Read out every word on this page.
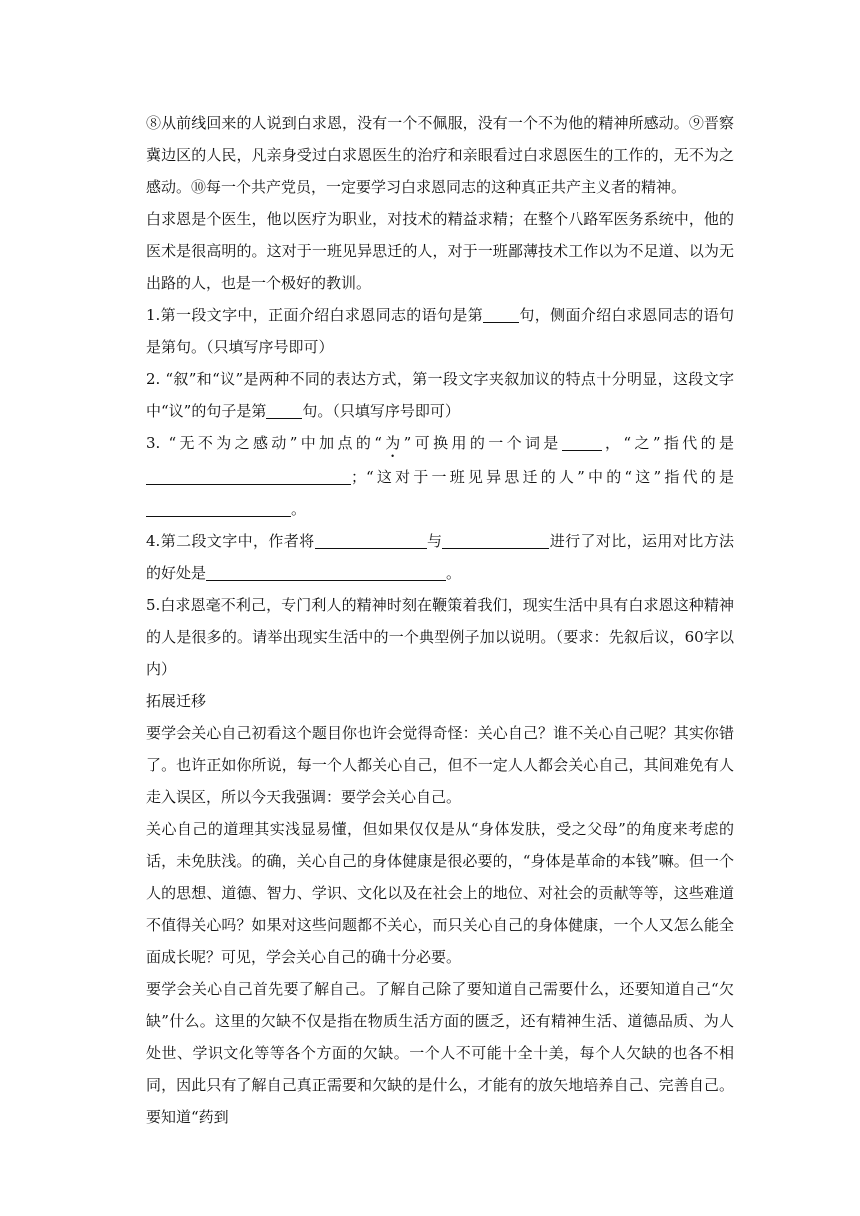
⑧从前线回来的人说到白求恩，没有一个不佩服，没有一个不为他的精神所感动。⑨晋察冀边区的人民，凡亲身受过白求恩医生的治疗和亲眼看过白求恩医生的工作的，无不为之感动。⑩每一个共产党员，一定要学习白求恩同志的这种真正共产主义者的精神。

白求恩是个医生，他以医疗为职业，对技术的精益求精；在整个八路军医务系统中，他的医术是很高明的。这对于一班见异思迁的人，对于一班鄙薄技术工作以为不足道、以为无出路的人，也是一个极好的教训。

1.第一段文字中，正面介绍白求恩同志的语句是第 句，侧面介绍白求恩同志的语句是第句。（只填写序号即可）

2. “叙”和“议”是两种不同的表达方式，第一段文字夹叙加议的特点十分明显，这段文字中“议”的句子是第 句。（只填写序号即可）

3. “无不为之感动”中加点的“为”可换用的一个词是	，“之”指代的是；“这对于一班见异思迁的人”中的“这”指代的是。

4.第二段文字中，作者将	与	进行了对比，运用对比方法的好处是	。

5.白求恩毫不利己，专门利人的精神时刻在鞭策着我们，现实生活中具有白求恩这种精神的人是很多的。请举出现实生活中的一个典型例子加以说明。（要求：先叙后议，60字以内）

拓展迁移

要学会关心自己初看这个题目你也许会觉得奇怪：关心自己？谁不关心自己呢？其实你错了。也许正如你所说，每一个人都关心自己，但不一定人人都会关心自己，其间难免有人走入误区，所以今天我强调：要学会关心自己。

关心自己的道理其实浅显易懂，但如果仅仅是从“身体发肤，受之父母”的角度来考虑的话，未免肤浅。的确，关心自己的身体健康是很必要的，“身体是革命的本钱”嘛。但一个人的思想、道德、智力、学识、文化以及在社会上的地位、对社会的贡献等等，这些难道不值得关心吗？如果对这些问题都不关心，而只关心自己的身体健康，一个人又怎么能全面成长呢？可见，学会关心自己的确十分必要。

要学会关心自己首先要了解自己。了解自己除了要知道自己需要什么，还要知道自己“欠缺”什么。这里的欠缺不仅是指在物质生活方面的匮乏，还有精神生活、道德品质、为人处世、学识文化等等各个方面的欠缺。一个人不可能十全十美，每个人欠缺的也各不相同，因此只有了解自己真正需要和欠缺的是什么，才能有的放矢地培养自己、完善自己。要知道“药到
